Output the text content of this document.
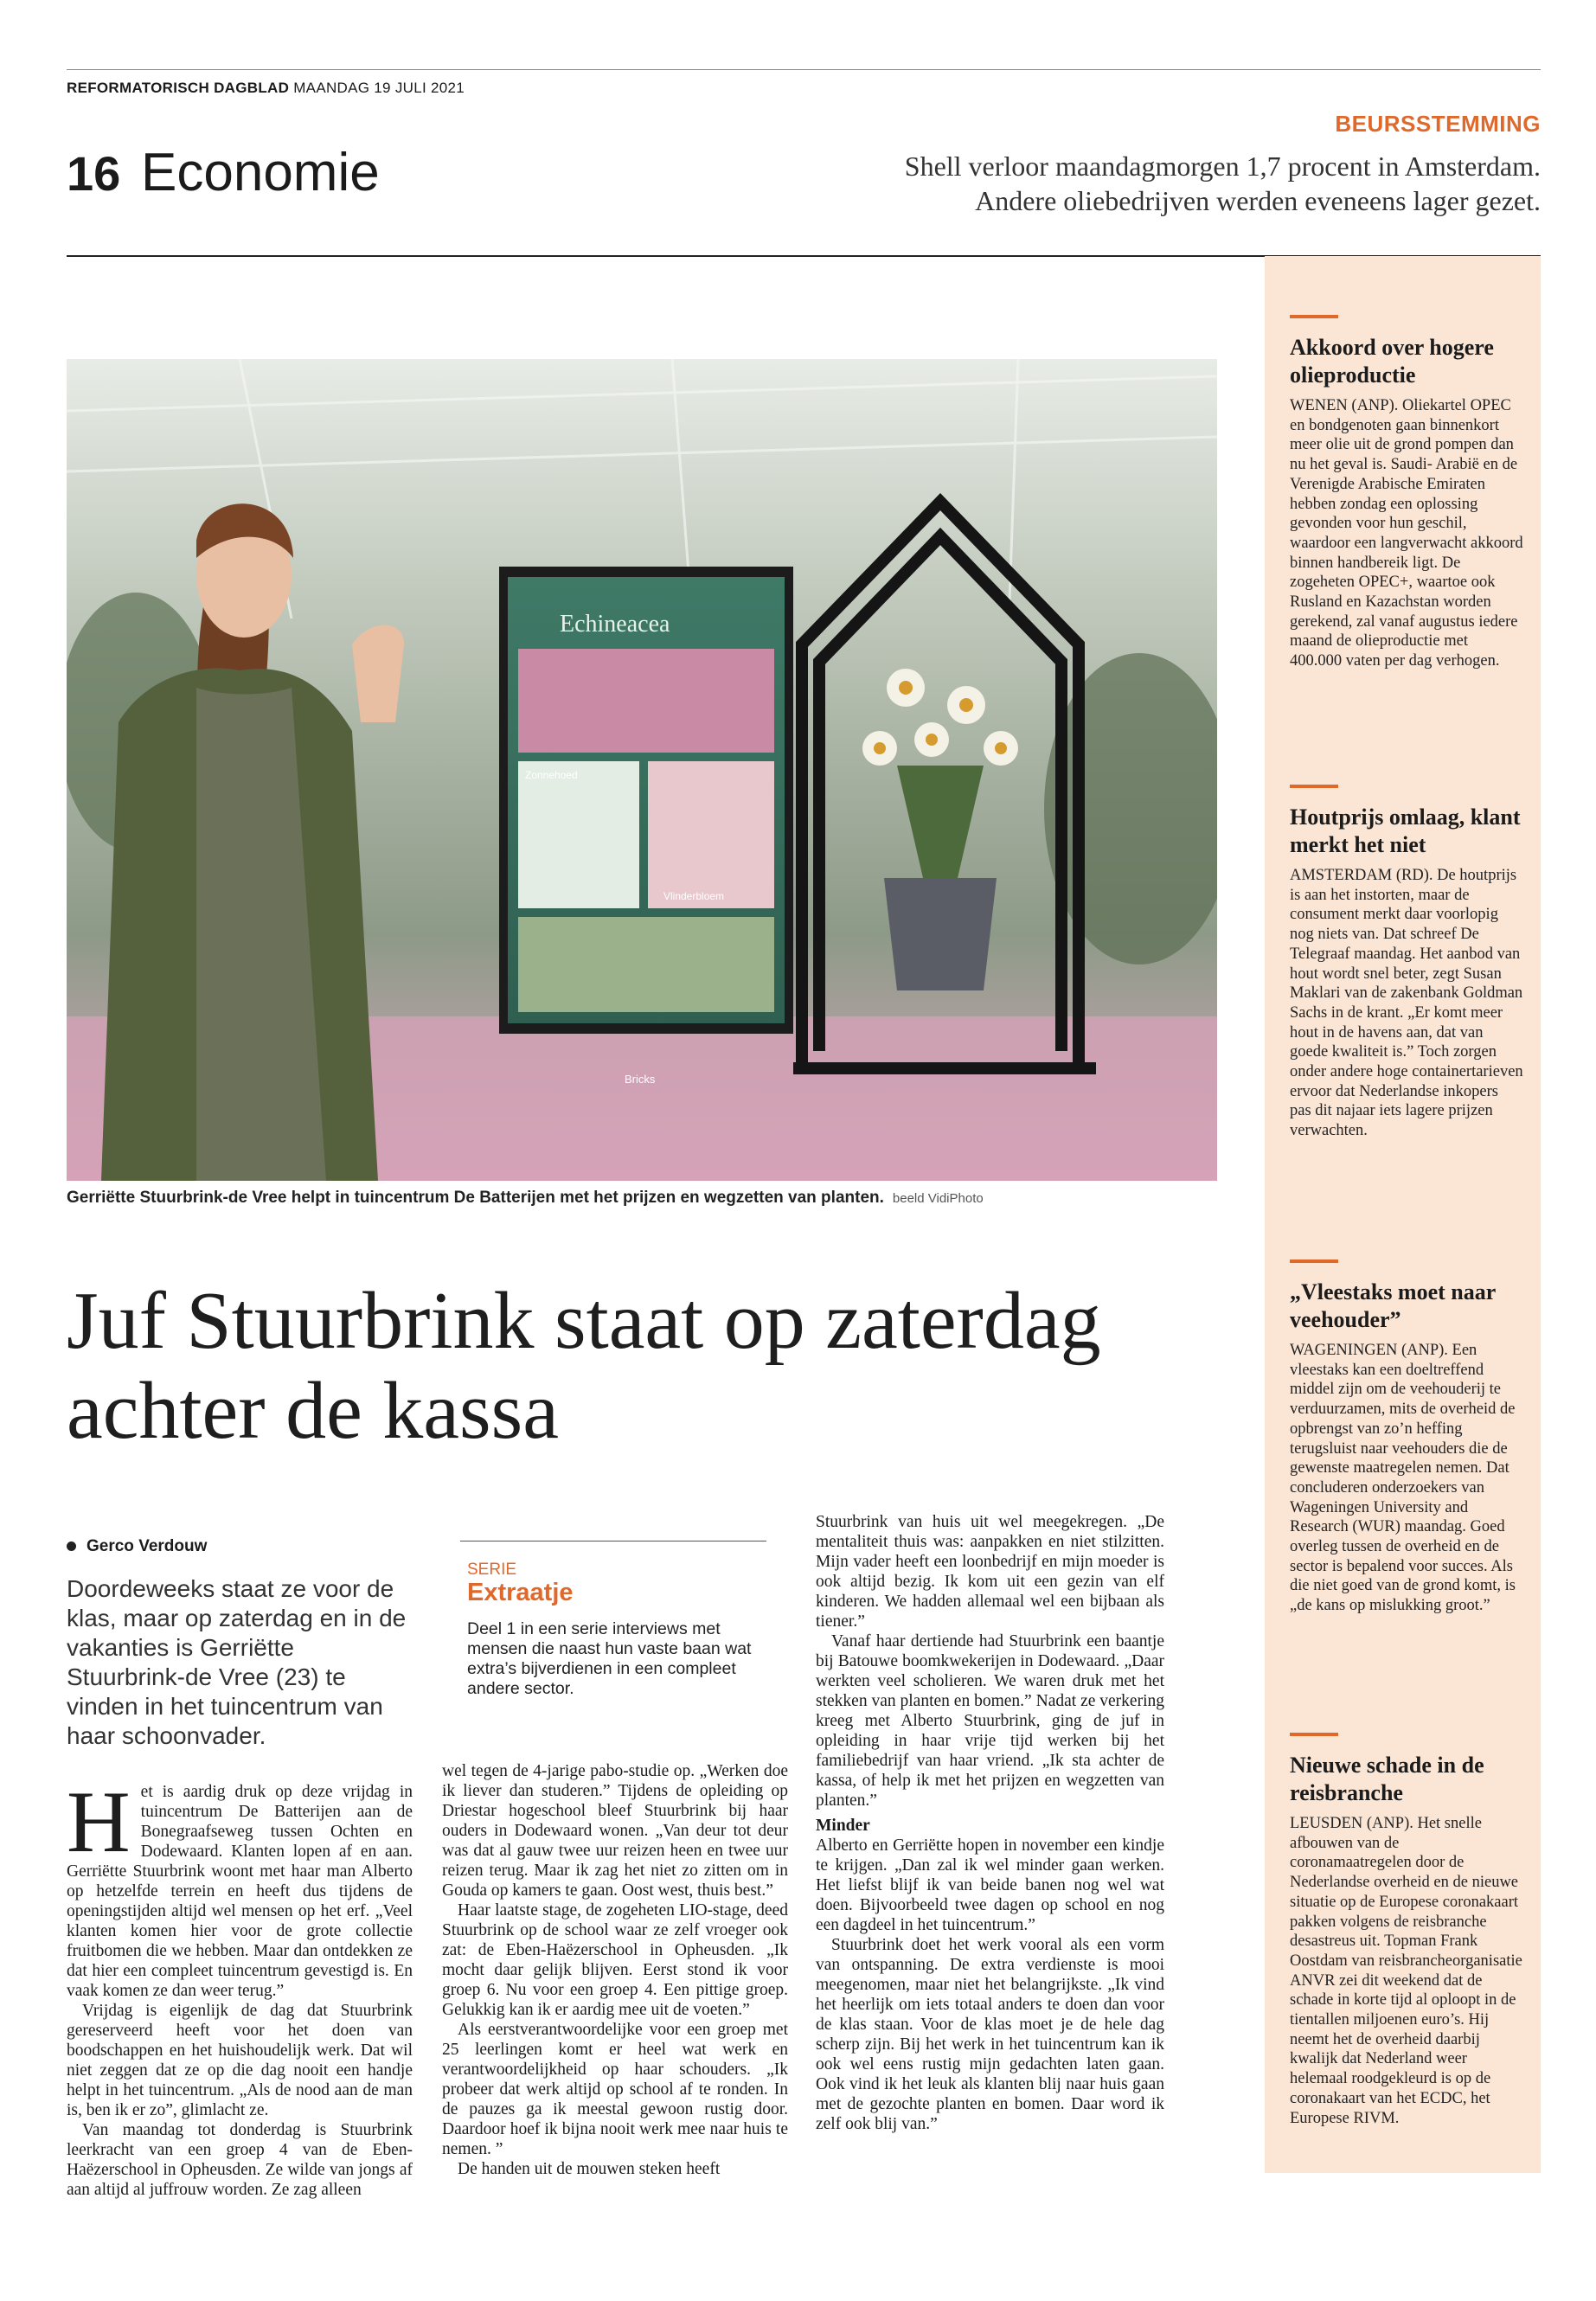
REFORMATORISCH DAGBLAD MAANDAG 19 JULI 2021
16 Economie
BEURSSTEMMING
Shell verloor maandagmorgen 1,7 procent in Amsterdam.
Andere oliebedrijven werden eveneens lager gezet.
Echineacea
Zonnehoed
Vlinderbloem
Bricks
Gerriëtte Stuurbrink-de Vree helpt in tuincentrum De Batterijen met het prijzen en wegzetten van planten. beeld VidiPhoto
Juf Stuurbrink staat op zaterdag achter de kassa
Gerco Verdouw
Doordeweeks staat ze voor de klas, maar op zaterdag en in de vakanties is Gerriëtte Stuurbrink-de Vree (23) te vinden in het tuincentrum van haar schoonvader.
H et is aardig druk op deze vrijdag in tuincentrum De Batterijen aan de Bonegraafseweg tussen Ochten en Dodewaard. Klanten lopen af en aan. Gerriëtte Stuurbrink woont met haar man Alberto op hetzelfde terrein en heeft dus tijdens de openingstijden altijd wel mensen op het erf. „Veel klanten komen hier voor de grote collectie fruitbomen die we hebben. Maar dan ontdekken ze dat hier een compleet tuincentrum gevestigd is. En vaak komen ze dan weer terug.”

Vrijdag is eigenlijk de dag dat Stuurbrink gereserveerd heeft voor het doen van boodschappen en het huishoudelijk werk. Dat wil niet zeggen dat ze op die dag nooit een handje helpt in het tuincentrum. „Als de nood aan de man is, ben ik er zo”, glimlacht ze.

Van maandag tot donderdag is Stuurbrink leerkracht van een groep 4 van de Eben-Haëzerschool in Opheusden. Ze wilde van jongs af aan altijd al juffrouw worden. Ze zag alleen

SERIE
Extraatje
Deel 1 in een serie interviews met mensen die naast hun vaste baan wat extra’s bijverdienen in een compleet andere sector.

wel tegen de 4-jarige pabo-studie op. „Werken doe ik liever dan studeren.” Tijdens de opleiding op Driestar hogeschool bleef Stuurbrink bij haar ouders in Dodewaard wonen. „Van deur tot deur was dat al gauw twee uur reizen heen en twee uur reizen terug. Maar ik zag het niet zo zitten om in Gouda op kamers te gaan. Oost west, thuis best.”

Haar laatste stage, de zogeheten LIO-stage, deed Stuurbrink op de school waar ze zelf vroeger ook zat: de Eben-Haëzerschool in Opheusden. „Ik mocht daar gelijk blijven. Eerst stond ik voor groep 6. Nu voor een groep 4. Een pittige groep. Gelukkig kan ik er aardig mee uit de voeten.”

Als eerstverantwoordelijke voor een groep met 25 leerlingen komt er heel wat werk en verantwoordelijkheid op haar schouders. „Ik probeer dat werk altijd op school af te ronden. In de pauzes ga ik meestal gewoon rustig door. Daardoor hoef ik bijna nooit werk mee naar huis te nemen. ”

De handen uit de mouwen steken heeft

Stuurbrink van huis uit wel meegekregen. „De mentaliteit thuis was: aanpakken en niet stilzitten. Mijn vader heeft een loonbedrijf en mijn moeder is ook altijd bezig. Ik kom uit een gezin van elf kinderen. We hadden allemaal wel een bijbaan als tiener.”

Vanaf haar dertiende had Stuurbrink een baantje bij Batouwe boomkwekerijen in Dodewaard. „Daar werkten veel scholieren. We waren druk met het stekken van planten en bomen.” Nadat ze verkering kreeg met Alberto Stuurbrink, ging de juf in opleiding in haar vrije tijd werken bij het familiebedrijf van haar vriend. „Ik sta achter de kassa, of help ik met het prijzen en wegzetten van planten.”

Minder

Alberto en Gerriëtte hopen in november een kindje te krijgen. „Dan zal ik wel minder gaan werken. Het liefst blijf ik van beide banen nog wel wat doen. Bijvoorbeeld twee dagen op school en nog een dagdeel in het tuincentrum.”

Stuurbrink doet het werk vooral als een vorm van ontspanning. De extra verdienste is mooi meegenomen, maar niet het belangrijkste. „Ik vind het heerlijk om iets totaal anders te doen dan voor de klas staan. Voor de klas moet je de hele dag scherp zijn. Bij het werk in het tuincentrum kan ik ook wel eens rustig mijn gedachten laten gaan. Ook vind ik het leuk als klanten blij naar huis gaan met de gezochte planten en bomen. Daar word ik zelf ook blij van.”

Akkoord over hogere olieproductie
WENEN (ANP). Oliekartel OPEC en bondgenoten gaan binnenkort meer olie uit de grond pompen dan nu het geval is. Saudi- Arabië en de Verenigde Arabische Emiraten hebben zondag een oplossing gevonden voor hun geschil, waardoor een langverwacht akkoord binnen handbereik ligt. De zogeheten OPEC+, waartoe ook Rusland en Kazachstan worden gerekend, zal vanaf augustus iedere maand de olieproductie met 400.000 vaten per dag verhogen.
Houtprijs omlaag, klant merkt het niet
AMSTERDAM (RD). De houtprijs is aan het instorten, maar de consument merkt daar voorlopig nog niets van. Dat schreef De Telegraaf maandag. Het aanbod van hout wordt snel beter, zegt Susan Maklari van de zakenbank Goldman Sachs in de krant. „Er komt meer hout in de havens aan, dat van goede kwaliteit is.” Toch zorgen onder andere hoge containertarieven ervoor dat Nederlandse inkopers pas dit najaar iets lagere prijzen verwachten.
„Vleestaks moet naar veehouder”
WAGENINGEN (ANP). Een vleestaks kan een doeltreffend middel zijn om de veehouderij te verduurzamen, mits de overheid de opbrengst van zo’n heffing terugsluist naar veehouders die de gewenste maatregelen nemen. Dat concluderen onderzoekers van Wageningen University and Research (WUR) maandag. Goed overleg tussen de overheid en de sector is bepalend voor succes. Als die niet goed van de grond komt, is „de kans op mislukking groot.”
Nieuwe schade in de reisbranche
LEUSDEN (ANP). Het snelle afbouwen van de coronamaatregelen door de Nederlandse overheid en de nieuwe situatie op de Europese coronakaart pakken volgens de reisbranche desastreus uit. Topman Frank Oostdam van reisbrancheorganisatie ANVR zei dit weekend dat de schade in korte tijd al oploopt in de tientallen miljoenen euro’s. Hij neemt het de overheid daarbij kwalijk dat Nederland weer helemaal roodgekleurd is op de coronakaart van het ECDC, het Europese RIVM.
